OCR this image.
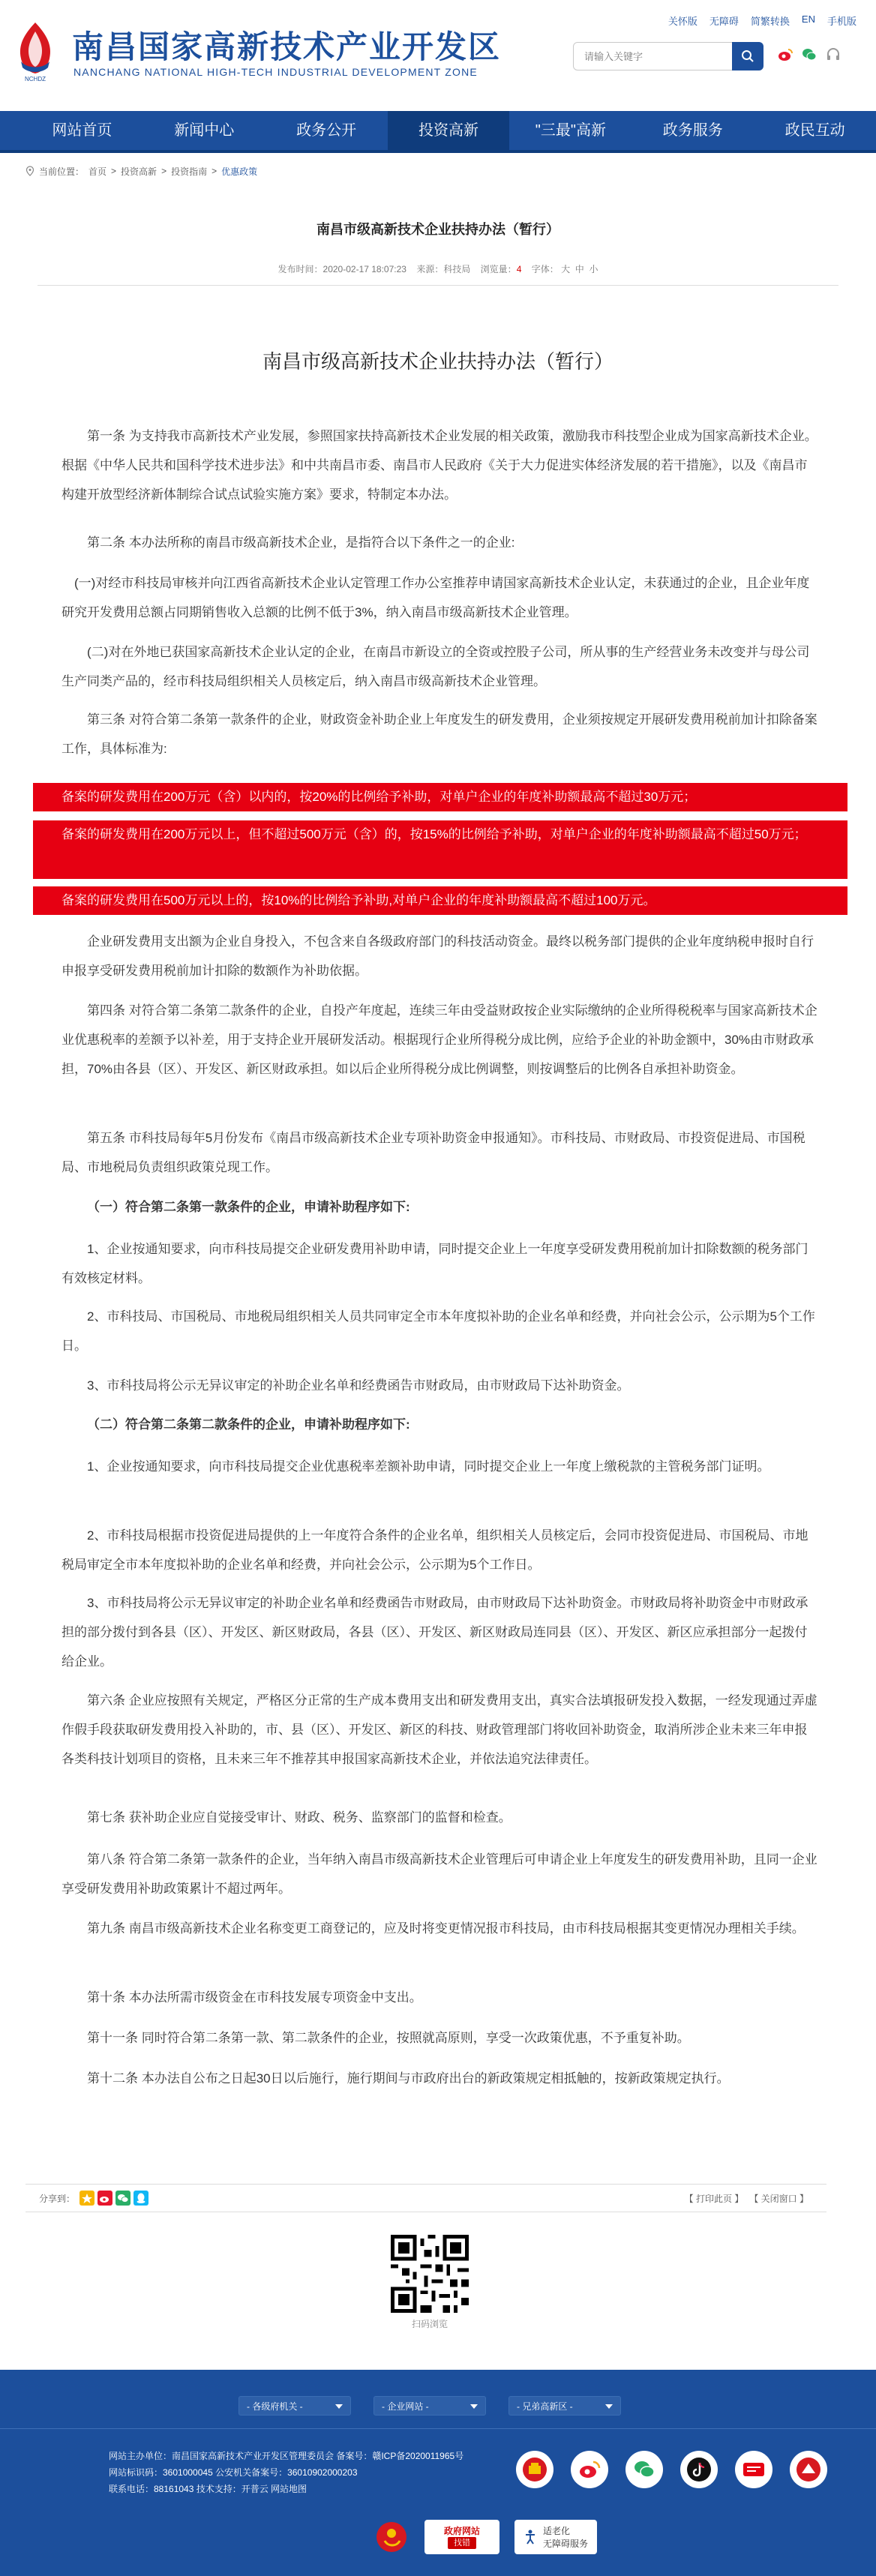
NCHDZ
南昌国家高新技术产业开发区
NANCHANG NATIONAL HIGH-TECH INDUSTRIAL DEVELOPMENT ZONE
关怀版 无障碍 简繁转换 EN 手机版
请输入关键字
网站首页	新闻中心	政务公开	投资高新	"三最"高新	政务服务	政民互动
当前位置： 首页 > 投资高新 > 投资指南 > 优惠政策
南昌市级高新技术企业扶持办法（暂行）
发布时间：2020-02-17 18:07:23 来源：科技局 浏览量：4 字体： 大 中 小
南昌市级高新技术企业扶持办法（暂行）
第一条 为支持我市高新技术产业发展，参照国家扶持高新技术企业发展的相关政策，激励我市科技型企业成为国家高新技术企业。根据《中华人民共和国科学技术进步法》和中共南昌市委、南昌市人民政府《关于大力促进实体经济发展的若干措施》，以及《南昌市构建开放型经济新体制综合试点试验实施方案》要求，特制定本办法。
第二条 本办法所称的南昌市级高新技术企业，是指符合以下条件之一的企业:
(一)对经市科技局审核并向江西省高新技术企业认定管理工作办公室推荐申请国家高新技术企业认定，未获通过的企业，且企业年度研究开发费用总额占同期销售收入总额的比例不低于3%，纳入南昌市级高新技术企业管理。
(二)对在外地已获国家高新技术企业认定的企业，在南昌市新设立的全资或控股子公司，所从事的生产经营业务未改变并与母公司生产同类产品的，经市科技局组织相关人员核定后，纳入南昌市级高新技术企业管理。
第三条 对符合第二条第一款条件的企业，财政资金补助企业上年度发生的研发费用，企业须按规定开展研发费用税前加计扣除备案工作，具体标准为:
备案的研发费用在200万元（含）以内的，按20%的比例给予补助，对单户企业的年度补助额最高不超过30万元；
备案的研发费用在200万元以上，但不超过500万元（含）的，按15%的比例给予补助，对单户企业的年度补助额最高不超过50万元；
备案的研发费用在500万元以上的，按10%的比例给予补助,对单户企业的年度补助额最高不超过100万元。
企业研发费用支出额为企业自身投入，不包含来自各级政府部门的科技活动资金。最终以税务部门提供的企业年度纳税申报时自行申报享受研发费用税前加计扣除的数额作为补助依据。
第四条 对符合第二条第二款条件的企业，自投产年度起，连续三年由受益财政按企业实际缴纳的企业所得税税率与国家高新技术企业优惠税率的差额予以补差，用于支持企业开展研发活动。根据现行企业所得税分成比例，应给予企业的补助金额中，30%由市财政承担，70%由各县（区）、开发区、新区财政承担。如以后企业所得税分成比例调整，则按调整后的比例各自承担补助资金。
第五条 市科技局每年5月份发布《南昌市级高新技术企业专项补助资金申报通知》。市科技局、市财政局、市投资促进局、市国税局、市地税局负责组织政策兑现工作。
（一）符合第二条第一款条件的企业，申请补助程序如下:
1、企业按通知要求，向市科技局提交企业研发费用补助申请，同时提交企业上一年度享受研发费用税前加计扣除数额的税务部门有效核定材料。
2、市科技局、市国税局、市地税局组织相关人员共同审定全市本年度拟补助的企业名单和经费，并向社会公示，公示期为5个工作日。
3、市科技局将公示无异议审定的补助企业名单和经费函告市财政局，由市财政局下达补助资金。
（二）符合第二条第二款条件的企业，申请补助程序如下:
1、企业按通知要求，向市科技局提交企业优惠税率差额补助申请，同时提交企业上一年度上缴税款的主管税务部门证明。
2、市科技局根据市投资促进局提供的上一年度符合条件的企业名单，组织相关人员核定后，会同市投资促进局、市国税局、市地税局审定全市本年度拟补助的企业名单和经费，并向社会公示，公示期为5个工作日。
3、市科技局将公示无异议审定的补助企业名单和经费函告市财政局，由市财政局下达补助资金。市财政局将补助资金中市财政承担的部分拨付到各县（区）、开发区、新区财政局，各县（区）、开发区、新区财政局连同县（区）、开发区、新区应承担部分一起拨付给企业。
第六条 企业应按照有关规定，严格区分正常的生产成本费用支出和研发费用支出，真实合法填报研发投入数据，一经发现通过弄虚作假手段获取研发费用投入补助的，市、县（区）、开发区、新区的科技、财政管理部门将收回补助资金，取消所涉企业未来三年申报各类科技计划项目的资格，且未来三年不推荐其申报国家高新技术企业，并依法追究法律责任。
第七条 获补助企业应自觉接受审计、财政、税务、监察部门的监督和检查。
第八条 符合第二条第一款条件的企业，当年纳入南昌市级高新技术企业管理后可申请企业上年度发生的研发费用补助，且同一企业享受研发费用补助政策累计不超过两年。
第九条 南昌市级高新技术企业名称变更工商登记的，应及时将变更情况报市科技局，由市科技局根据其变更情况办理相关手续。
第十条 本办法所需市级资金在市科技发展专项资金中支出。
第十一条 同时符合第二条第一款、第二款条件的企业，按照就高原则，享受一次政策优惠，不予重复补助。
第十二条 本办法自公布之日起30日以后施行，施行期间与市政府出台的新政策规定相抵触的，按新政策规定执行。
分享到：	【 打印此页 】 【 关闭窗口 】
扫码浏览
- 各级府机关 -	- 企业网站 -	- 兄弟高新区 -
网站主办单位：南昌国家高新技术产业开发区管理委员会 备案号：赣ICP备2020011965号
网站标识码：3601000045 公安机关备案号：36010902000203
联系电话：88161043 技术支持：开普云 网站地图
政府网站
找错
适老化
无障碍服务
